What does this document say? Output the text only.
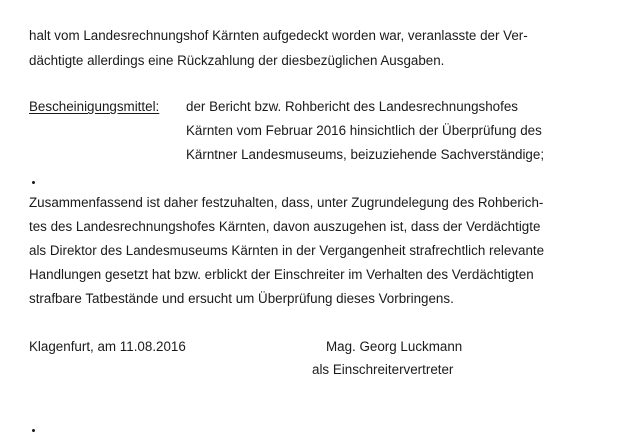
halt vom Landesrechnungshof Kärnten aufgedeckt worden war, veranlasste der Ver-
dächtigte allerdings eine Rückzahlung der diesbezüglichen Ausgaben.
Bescheinigungsmittel: der Bericht bzw. Rohbericht des Landesrechnungshofes
Kärnten vom Februar 2016 hinsichtlich der Überprüfung des
Kärntner Landesmuseums, beizuziehende Sachverständige;
Zusammenfassend ist daher festzuhalten, dass, unter Zugrundelegung des Rohberich-
tes des Landesrechnungshofes Kärnten, davon auszugehen ist, dass der Verdächtigte
als Direktor des Landesmuseums Kärnten in der Vergangenheit strafrechtlich relevante
Handlungen gesetzt hat bzw. erblickt der Einschreiter im Verhalten des Verdächtigten
strafbare Tatbestände und ersucht um Überprüfung dieses Vorbringens.
Klagenfurt, am 11.08.2016	Mag. Georg Luckmann
als Einschreitervertreter
